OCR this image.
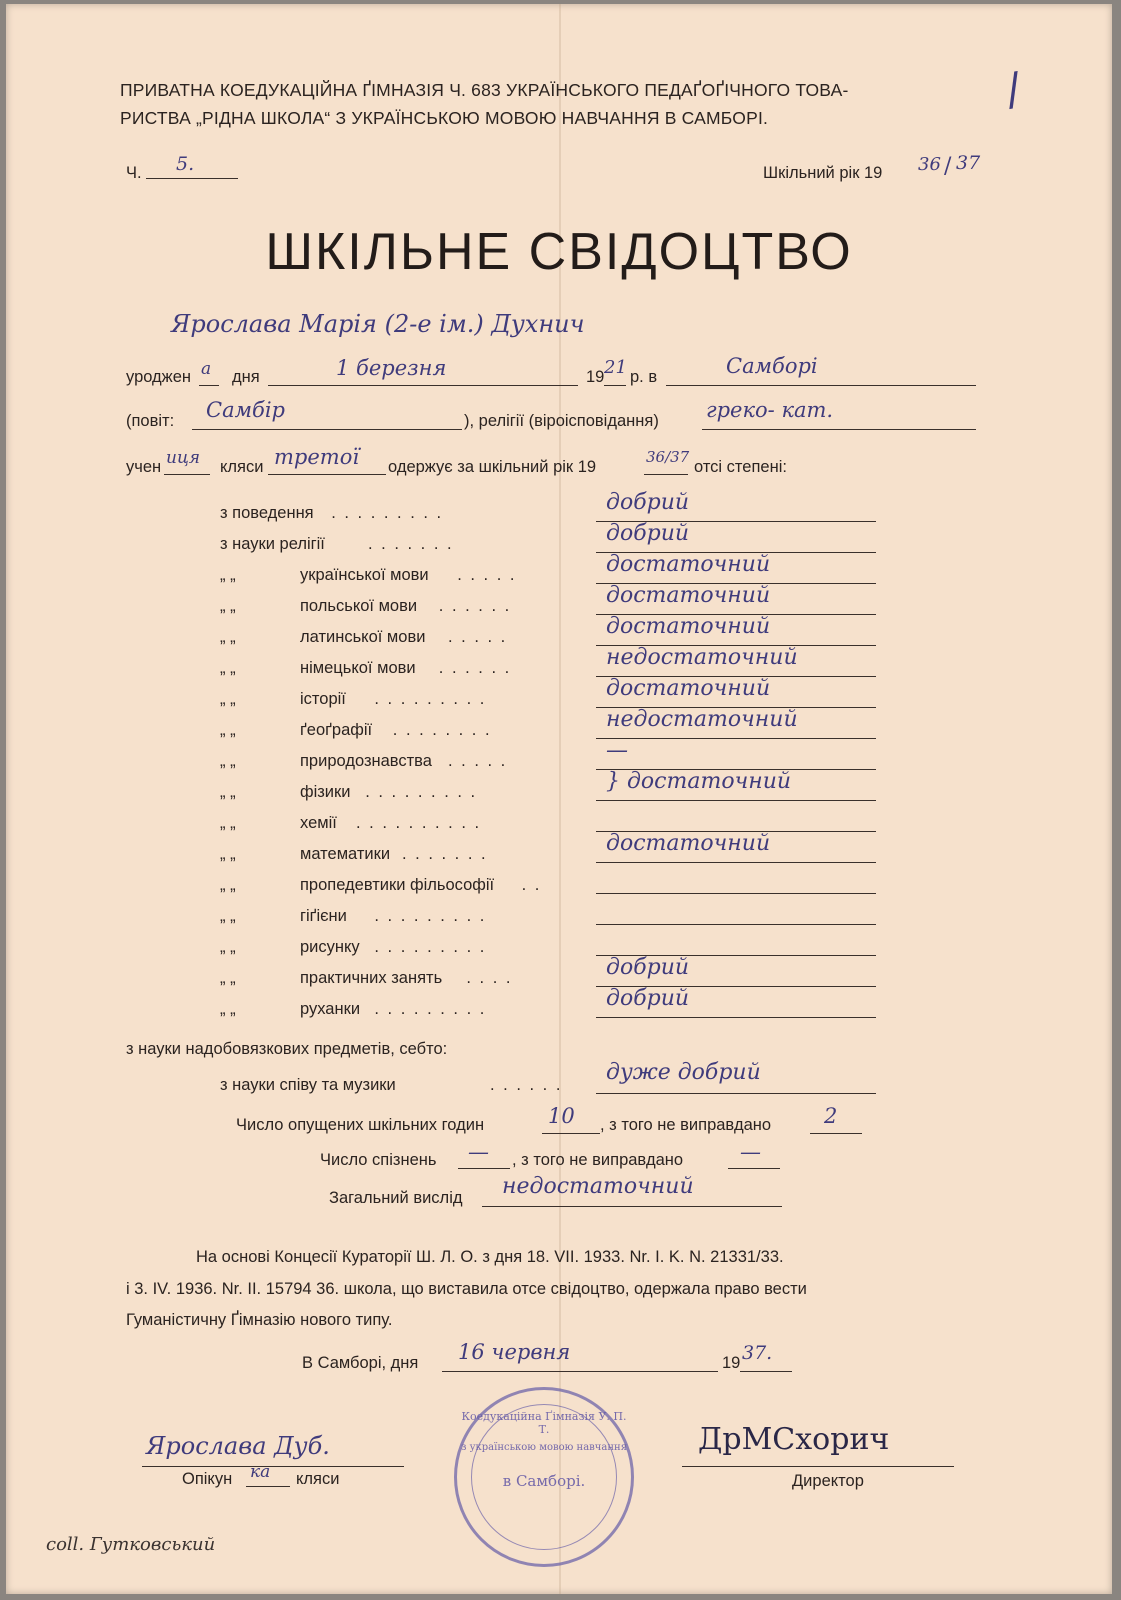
ПРИВАТНА КОЕДУКАЦІЙНА ҐІМНАЗІЯ Ч. 683 УКРАЇНСЬКОГО ПЕДАҐОҐІЧНОГО ТОВА-
РИСТВА „РІДНА ШКОЛА“ З УКРАЇНСЬКОЮ МОВОЮ НАВЧАННЯ В САМБОРІ.
/
Ч. 5.	Шкільний рік 19 36 / 37
ШКІЛЬНЕ СВІДОЦТВО
Ярослава Марія (2-е ім.) Духнич
уроджен а дня	1 березня	19 21 р. в	Самборі
(повіт: Самбір	), релігії (віроісповідання) греко- кат.
учен иця кляси третої одержує за шкільний рік 19
36/37
отсі степені:
з поведення . . . . . . . . .	добрий
з науки релігії	. . . . . . .	добрий
„ „	української мови . . . . .	достаточний
„ „	польської мови . . . . . .	достаточний
„ „	латинської мови . . . . .	достаточний
„ „	німецької мови . . . . . .	недостаточний
„ „	історії . . . . . . . . .	достаточний
„ „	ґеоґрафії . . . . . . . .	недостаточний
„ „	природознавства . . . . .	—
„ „	фізики . . . . . . . . .	} достаточний
„ „	хемії . . . . . . . . . .
„ „	математики . . . . . . .	достаточний
„ „	пропедевтики фільософії . .
„ „	гіґієни . . . . . . . . .
„ „	рисунку . . . . . . . . .
„ „	практичних занять . . . .	добрий
„ „	руханки . . . . . . . . .	добрий
з науки надобовязкових предметів, себто:
з науки співу та музики	. . . . . . дуже добрий
Число опущених шкільних годин	10 , з того не виправдано	2
Число спізнень — , з того не виправдано	—
Загальний вислід недостаточний
На основі Концесії Кураторії Ш. Л. О. з дня 18. VII. 1933. Nr. I. K. N. 21331/33.
і 3. IV. 1936. Nr. II. 15794 36. школа, що виставила отсе свідоцтво, одержала право вести
Гуманістичну Ґімназію нового типу.
В Самборі, дня 16 червня	19 37.
Коедукаційна Ґімназія У. П. Т.
з українською мовою навчання
в Самборі.
Ярослава Дуб.
Опікун ка кляси
ДрМСхорич
Директор
coll. Гутковський
